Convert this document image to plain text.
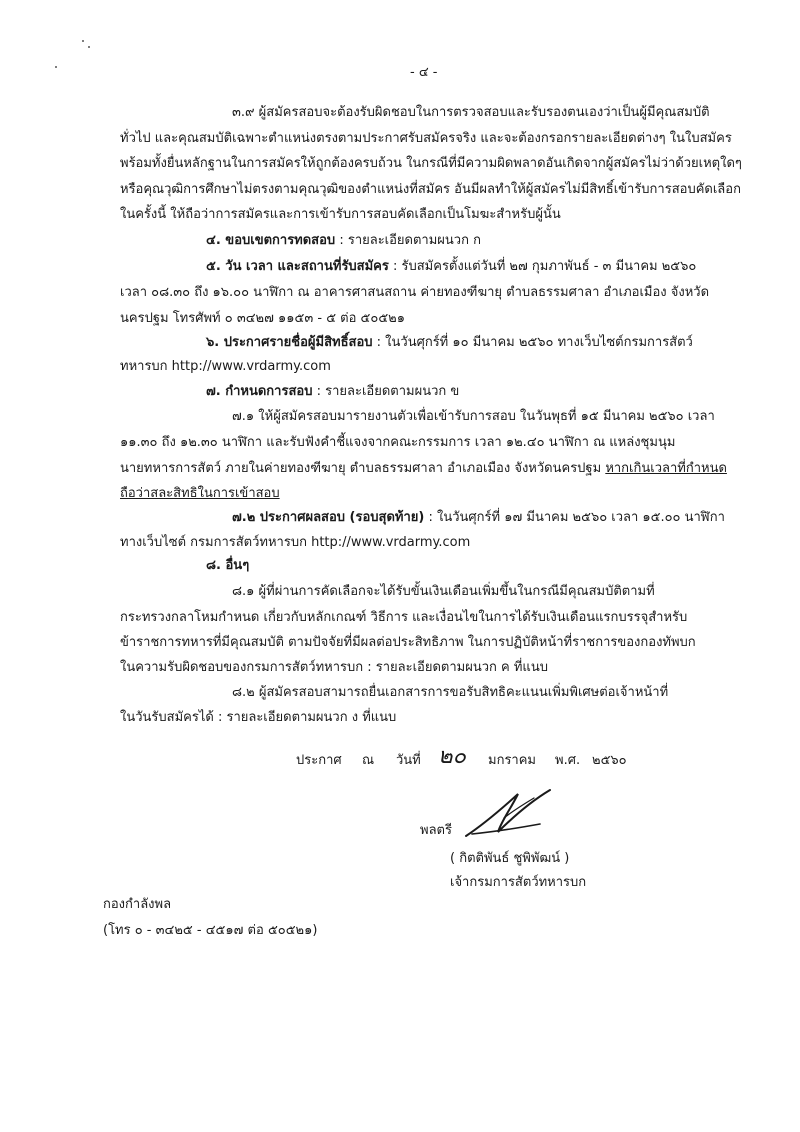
- ๔ -
๓.๙ ผู้สมัครสอบจะต้องรับผิดชอบในการตรวจสอบและรับรองตนเองว่าเป็นผู้มีคุณสมบัติ
ทั่วไป และคุณสมบัติเฉพาะตำแหน่งตรงตามประกาศรับสมัครจริง และจะต้องกรอกรายละเอียดต่างๆ ในใบสมัคร
พร้อมทั้งยื่นหลักฐานในการสมัครให้ถูกต้องครบถ้วน ในกรณีที่มีความผิดพลาดอันเกิดจากผู้สมัครไม่ว่าด้วยเหตุใดๆ
หรือคุณวุฒิการศึกษาไม่ตรงตามคุณวุฒิของตำแหน่งที่สมัคร อันมีผลทำให้ผู้สมัครไม่มีสิทธิ์เข้ารับการสอบคัดเลือก
ในครั้งนี้ ให้ถือว่าการสมัครและการเข้ารับการสอบคัดเลือกเป็นโมฆะสำหรับผู้นั้น
๔. ขอบเขตการทดสอบ : รายละเอียดตามผนวก ก
๕. วัน เวลา และสถานที่รับสมัคร : รับสมัครตั้งแต่วันที่ ๒๗ กุมภาพันธ์ - ๓ มีนาคม ๒๕๖๐
เวลา ๐๘.๓๐ ถึง ๑๖.๐๐ นาฬิกา ณ อาคารศาสนสถาน ค่ายทองฑีฆายุ ตำบลธรรมศาลา อำเภอเมือง จังหวัด
นครปฐม โทรศัพท์ ๐ ๓๔๒๗ ๑๑๕๓ - ๕ ต่อ ๕๐๕๒๑
๖. ประกาศรายชื่อผู้มีสิทธิ์สอบ : ในวันศุกร์ที่ ๑๐ มีนาคม ๒๕๖๐ ทางเว็บไซต์กรมการสัตว์
ทหารบก http://www.vrdarmy.com
๗. กำหนดการสอบ : รายละเอียดตามผนวก ข
๗.๑ ให้ผู้สมัครสอบมารายงานตัวเพื่อเข้ารับการสอบ ในวันพุธที่ ๑๕ มีนาคม ๒๕๖๐ เวลา
๑๑.๓๐ ถึง ๑๒.๓๐ นาฬิกา และรับฟังคำชี้แจงจากคณะกรรมการ เวลา ๑๒.๔๐ นาฬิกา ณ แหล่งชุมนุม
นายทหารการสัตว์ ภายในค่ายทองฑีฆายุ ตำบลธรรมศาลา อำเภอเมือง จังหวัดนครปฐม หากเกินเวลาที่กำหนด
ถือว่าสละสิทธิในการเข้าสอบ
๗.๒ ประกาศผลสอบ (รอบสุดท้าย) : ในวันศุกร์ที่ ๑๗ มีนาคม ๒๕๖๐ เวลา ๑๕.๐๐ นาฬิกา
ทางเว็บไซต์ กรมการสัตว์ทหารบก http://www.vrdarmy.com
๘. อื่นๆ
๘.๑ ผู้ที่ผ่านการคัดเลือกจะได้รับขั้นเงินเดือนเพิ่มขึ้นในกรณีมีคุณสมบัติตามที่
กระทรวงกลาโหมกำหนด เกี่ยวกับหลักเกณฑ์ วิธีการ และเงื่อนไขในการได้รับเงินเดือนแรกบรรจุสำหรับ
ข้าราชการทหารที่มีคุณสมบัติ ตามปัจจัยที่มีผลต่อประสิทธิภาพ ในการปฏิบัติหน้าที่ราชการของกองทัพบก
ในความรับผิดชอบของกรมการสัตว์ทหารบก : รายละเอียดตามผนวก ค ที่แนบ
๘.๒ ผู้สมัครสอบสามารถยื่นเอกสารการขอรับสิทธิคะแนนเพิ่มพิเศษต่อเจ้าหน้าที่
ในวันรับสมัครได้ : รายละเอียดตามผนวก ง ที่แนบ
ประกาศ ณ วันที่ ๒๐ มกราคม พ.ศ. ๒๕๖๐
พลตรี
( กิตติพันธ์ ชูพิพัฒน์ )
เจ้ากรมการสัตว์ทหารบก
กองกำลังพล
(โทร ๐ - ๓๔๒๕ - ๔๕๑๗ ต่อ ๕๐๕๒๑)
